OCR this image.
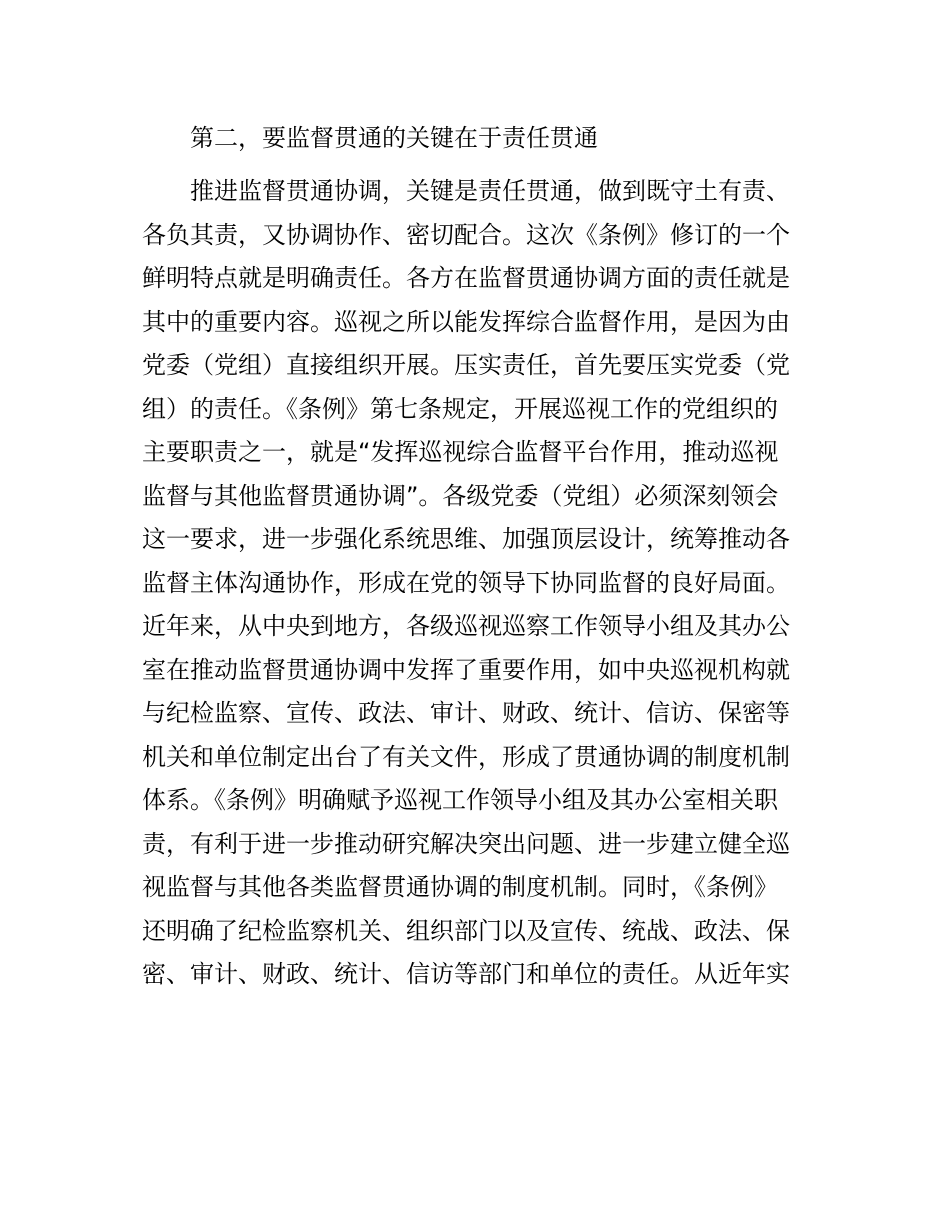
第二，要监督贯通的关键在于责任贯通
推进监督贯通协调，关键是责任贯通，做到既守土有责、
各负其责，又协调协作、密切配合。这次《条例》修订的一个
鲜明特点就是明确责任。各方在监督贯通协调方面的责任就是
其中的重要内容。巡视之所以能发挥综合监督作用，是因为由
党委（党组）直接组织开展。压实责任，首先要压实党委（党
组）的责任。《条例》第七条规定，开展巡视工作的党组织的
主要职责之一，就是“发挥巡视综合监督平台作用，推动巡视
监督与其他监督贯通协调”。各级党委（党组）必须深刻领会
这一要求，进一步强化系统思维、加强顶层设计，统筹推动各
监督主体沟通协作，形成在党的领导下协同监督的良好局面。
近年来，从中央到地方，各级巡视巡察工作领导小组及其办公
室在推动监督贯通协调中发挥了重要作用，如中央巡视机构就
与纪检监察、宣传、政法、审计、财政、统计、信访、保密等
机关和单位制定出台了有关文件，形成了贯通协调的制度机制
体系。《条例》明确赋予巡视工作领导小组及其办公室相关职
责，有利于进一步推动研究解决突出问题、进一步建立健全巡
视监督与其他各类监督贯通协调的制度机制。同时，《条例》
还明确了纪检监察机关、组织部门以及宣传、统战、政法、保
密、审计、财政、统计、信访等部门和单位的责任。从近年实
